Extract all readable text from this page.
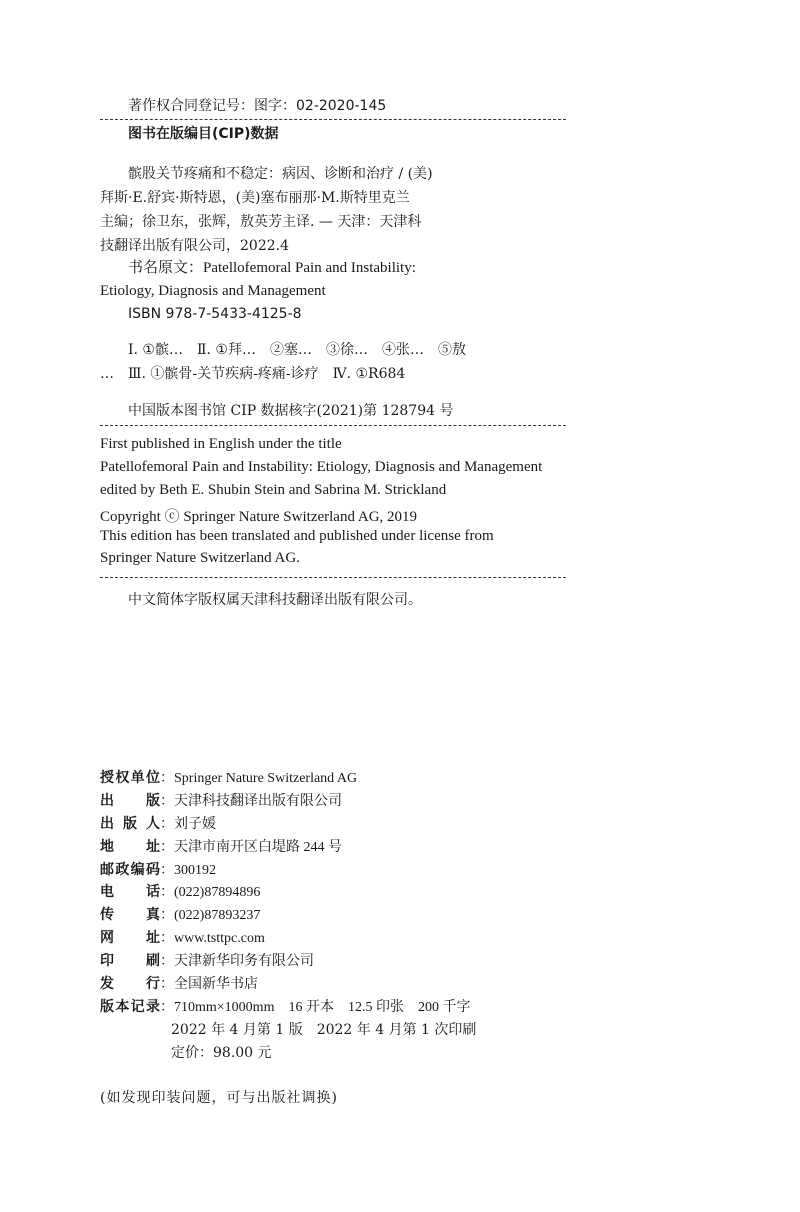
著作权合同登记号：图字：02-2020-145
图书在版编目(CIP)数据
髌股关节疼痛和不稳定：病因、诊断和治疗 / (美)
拜斯·E.舒宾·斯特恩，(美)塞布丽那·M.斯特里克兰
主编；徐卫东，张辉，敖英芳主译. — 天津：天津科
技翻译出版有限公司，2022.4
书名原文：Patellofemoral Pain and Instability:
Etiology, Diagnosis and Management
ISBN 978-7-5433-4125-8
Ⅰ. ①髌…　Ⅱ. ①拜…　②塞…　③徐…　④张…　⑤敖
…　Ⅲ. ①髌骨-关节疾病-疼痛-诊疗　Ⅳ. ①R684
中国版本图书馆 CIP 数据核字(2021)第 128794 号
First published in English under the title
Patellofemoral Pain and Instability: Etiology, Diagnosis and Management
edited by Beth E. Shubin Stein and Sabrina M. Strickland
Copyright ⓒ Springer Nature Switzerland AG, 2019
This edition has been translated and published under license from
Springer Nature Switzerland AG.
中文简体字版权属天津科技翻译出版有限公司。
授权单位：Springer Nature Switzerland AG
出　　版：天津科技翻译出版有限公司
出 版 人：刘子媛
地　　址：天津市南开区白堤路 244 号
邮政编码：300192
电　　话：(022)87894896
传　　真：(022)87893237
网　　址：www.tsttpc.com
印　　刷：天津新华印务有限公司
发　　行：全国新华书店
版本记录：710mm×1000mm　16 开本　12.5 印张　200 千字
2022 年 4 月第 1 版　2022 年 4 月第 1 次印刷
定价：98.00 元
(如发现印装问题，可与出版社调换)
